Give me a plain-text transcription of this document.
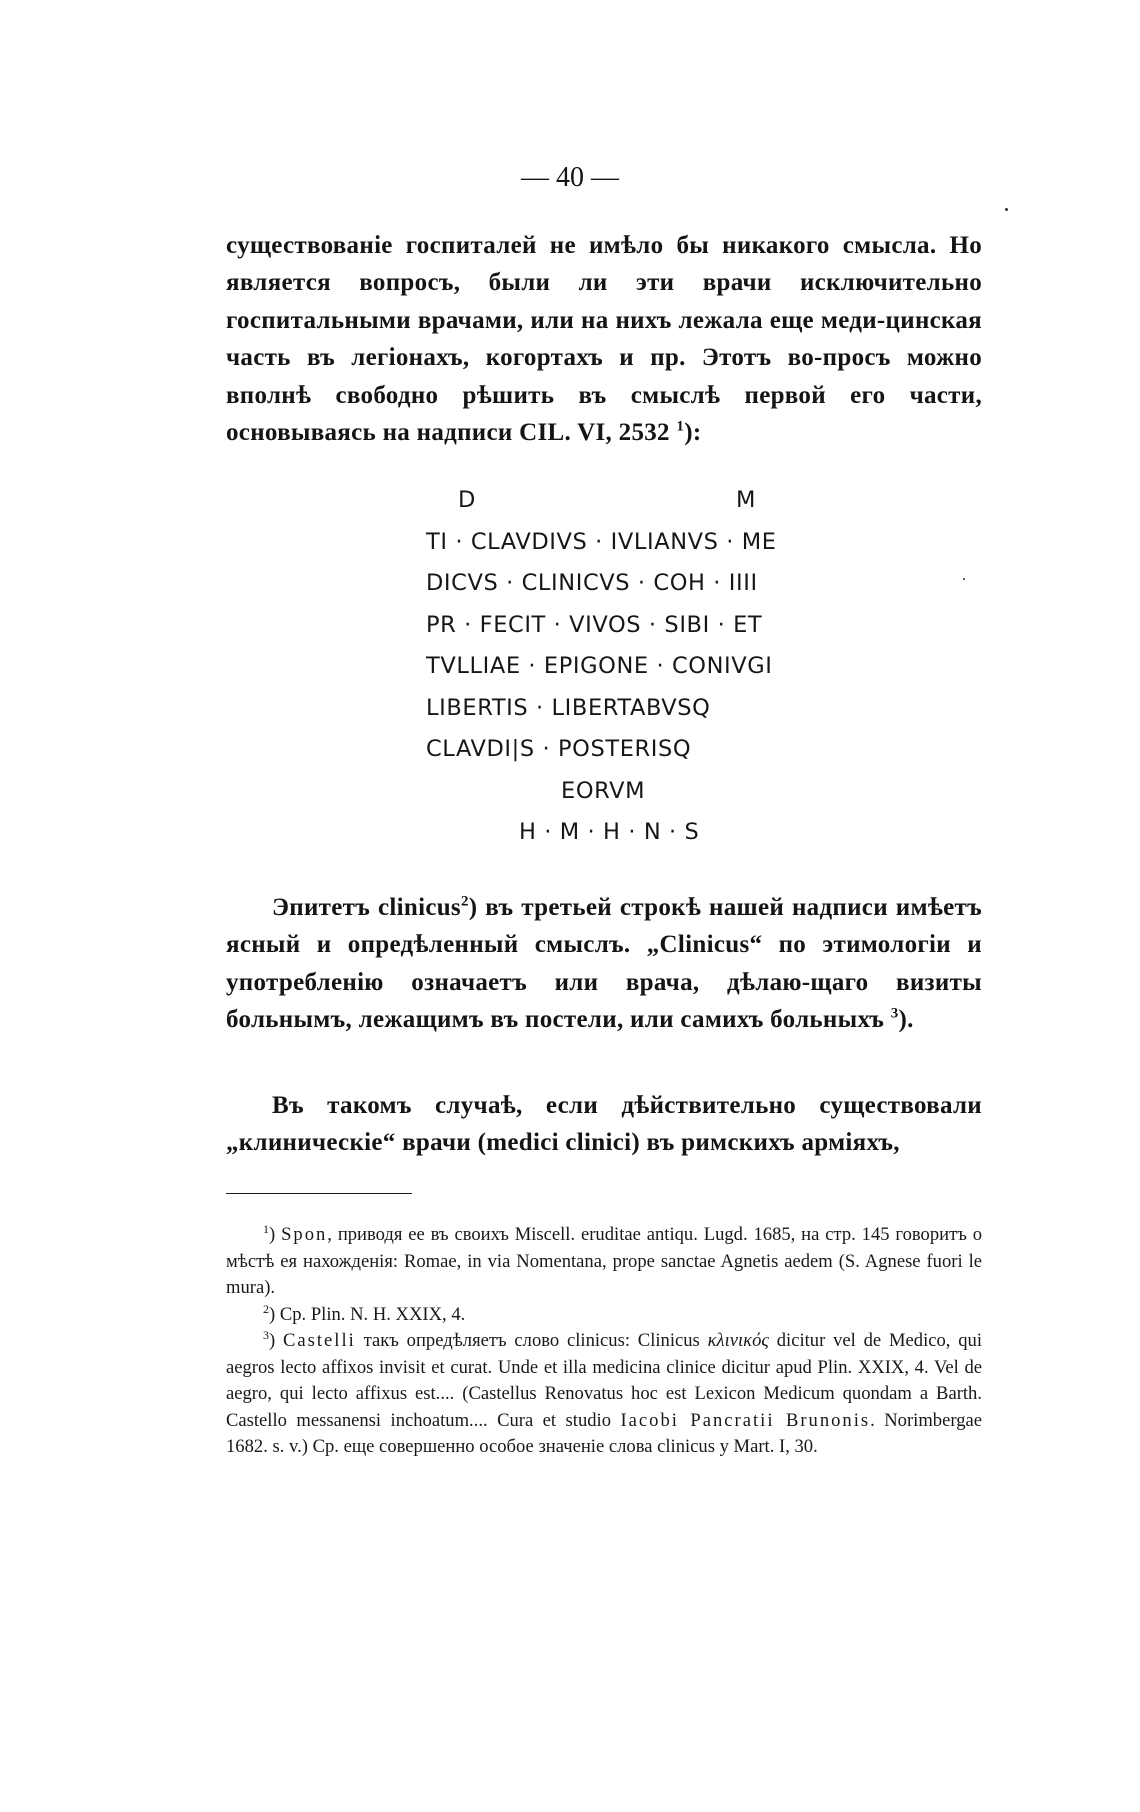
— 40 —

существованіе госпиталей не имѣло бы никакого смысла. Но является вопросъ, были ли эти врачи исключительно госпитальными врачами, или на нихъ лежала еще меди-цинская часть въ легіонахъ, когортахъ и пр. Этотъ во-просъ можно вполнѣ свободно рѣшить въ смыслѣ первой его части, основываясь на надписи CIL. VI, 2532 $^1$):

D	M
TI · CLAVDIVS · IVLIANVS · ME
DICVS · CLINICVS · COH · IIII
PR · FECIT · VIVOS · SIBI · ET
TVLLIAE · EPIGONE · CONIVGI
LIBERTIS · LIBERTABVSQ
CLAVDI|S · POSTERISQ
EORVM
H · M · H · N · S

Эпитетъ clinicus$^2$) въ третьей строкѣ нашей надписи имѣетъ ясный и опредѣленный смыслъ. „Clinicus“ по этимологіи и употребленію означаетъ или врача, дѣлаю-щаго визиты больнымъ, лежащимъ въ постели, или самихъ больныхъ $^3$).

Въ такомъ случаѣ, если дѣйствительно существовали „клиническіе“ врачи (medici clinici) въ римскихъ арміяхъ,

$^1$) Spon, приводя ее въ своихъ Miscell. eruditae antiqu. Lugd. 1685, на стр. 145 говоритъ о мѣстѣ ея нахожденія: Romae, in via Nomentana, prope sanctae Agnetis aedem (S. Agnese fuori le mura).

$^2$) Cp. Plin. N. H. XXIX, 4.

$^3$) Castelli такъ опредѣляетъ слово clinicus: Clinicus κλινικός dicitur vel de Medico, qui aegros lecto affixos invisit et curat. Unde et illa medicina clinice dicitur apud Plin. XXIX, 4. Vel de aegro, qui lecto affixus est.... (Castellus Renovatus hoc est Lexicon Medicum quondam a Barth. Castello messanensi inchoatum.... Cura et studio Iacobi Pancratii Brunonis. Norimbergae 1682. s. v.) Cp. еще совершенно особое значеніе слова clinicus у Mart. I, 30.
